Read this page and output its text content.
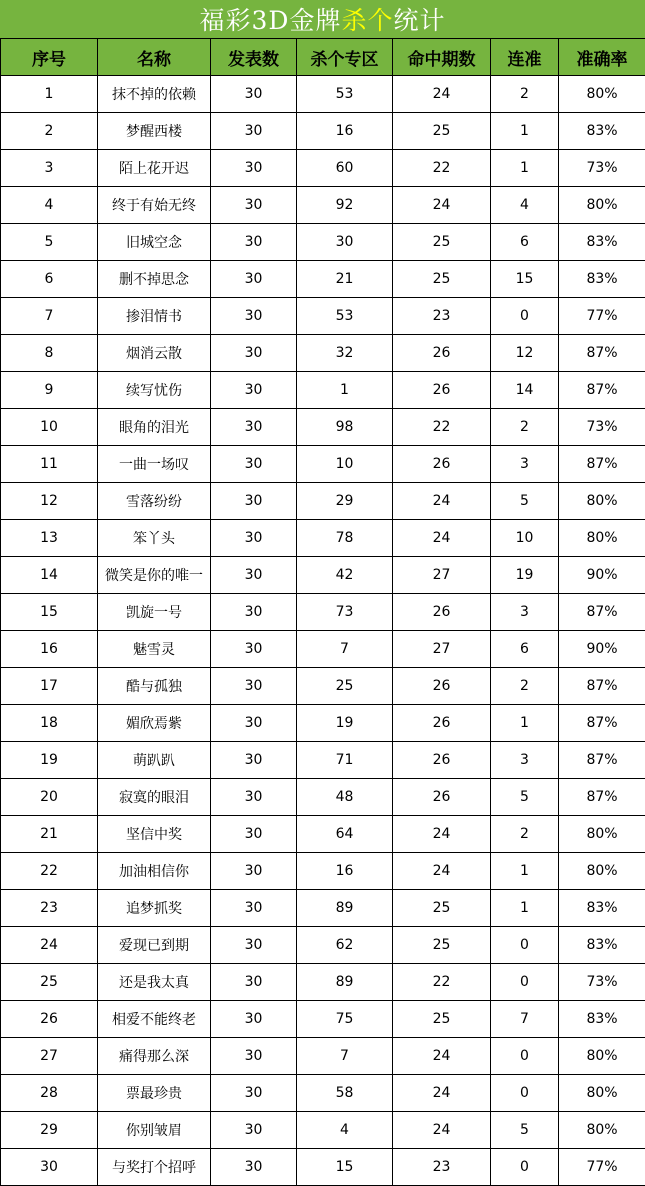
福彩3D金牌 杀个 统计
序号	名称	发表数	杀个专区	命中期数	连准	准确率
1	抹不掉的依赖	30	53	24	2	80%
2	梦醒西楼	30	16	25	1	83%
3	陌上花开迟	30	60	22	1	73%
4	终于有始无终	30	92	24	4	80%
5	旧城空念	30	30	25	6	83%
6	删不掉思念	30	21	25	15	83%
7	掺泪情书	30	53	23	0	77%
8	烟消云散	30	32	26	12	87%
9	续写忧伤	30	1	26	14	87%
10	眼角的泪光	30	98	22	2	73%
11	一曲一场叹	30	10	26	3	87%
12	雪落纷纷	30	29	24	5	80%
13	笨丫头	30	78	24	10	80%
14	微笑是你的唯一	30	42	27	19	90%
15	凯旋一号	30	73	26	3	87%
16	魅雪灵	30	7	27	6	90%
17	酷与孤独	30	25	26	2	87%
18	媚欣焉紫	30	19	26	1	87%
19	萌趴趴	30	71	26	3	87%
20	寂寞的眼泪	30	48	26	5	87%
21	坚信中奖	30	64	24	2	80%
22	加油相信你	30	16	24	1	80%
23	追梦抓奖	30	89	25	1	83%
24	爱现已到期	30	62	25	0	83%
25	还是我太真	30	89	22	0	73%
26	相爱不能终老	30	75	25	7	83%
27	痛得那么深	30	7	24	0	80%
28	票最珍贵	30	58	24	0	80%
29	你别皱眉	30	4	24	5	80%
30	与奖打个招呼	30	15	23	0	77%
